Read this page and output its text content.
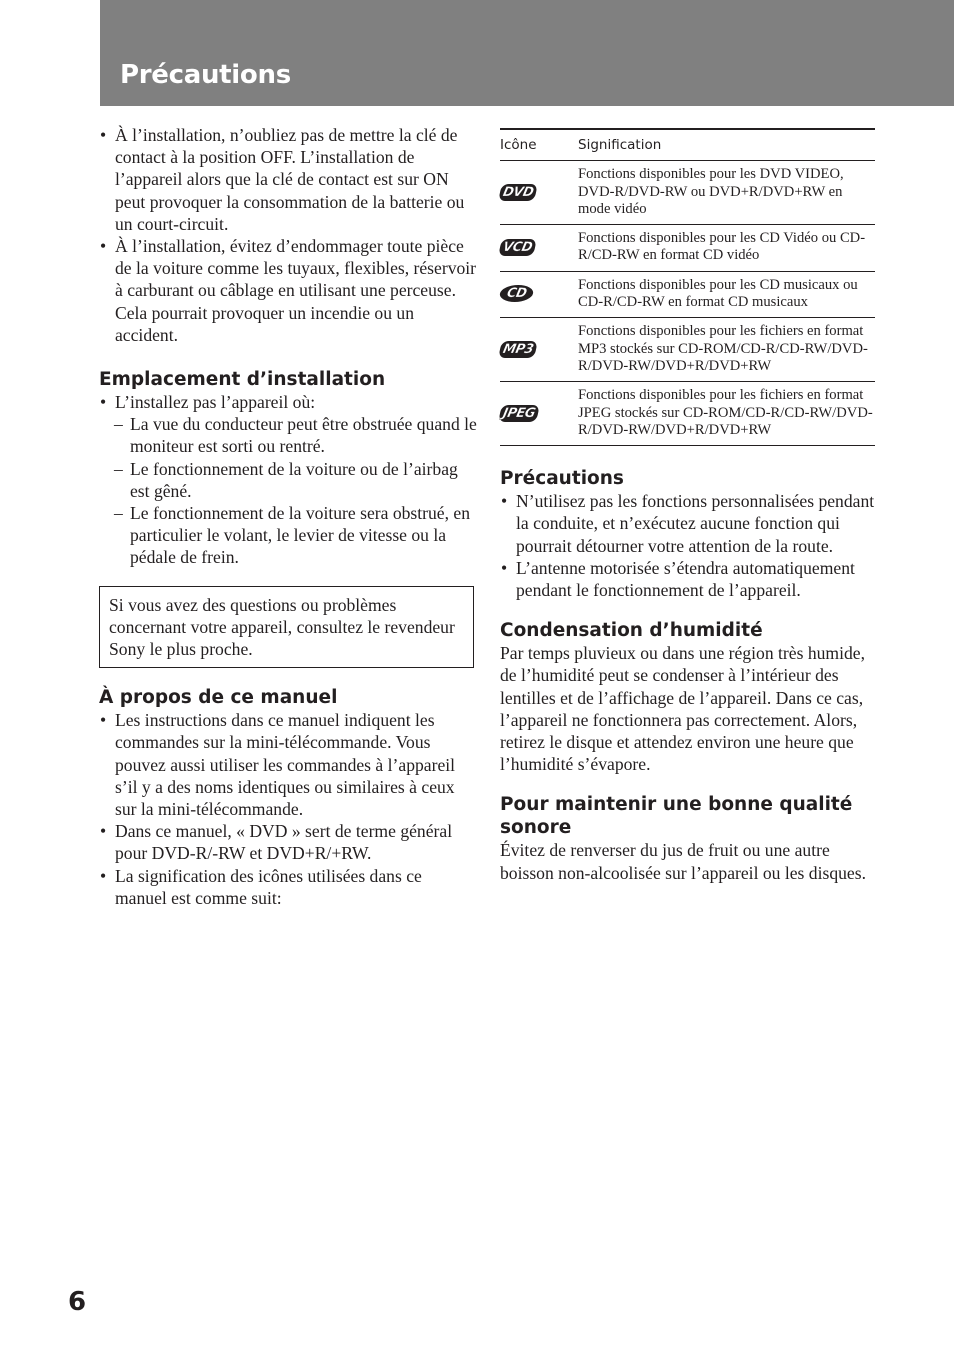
Précautions
• À l’installation, n’oubliez pas de mettre la clé de contact à la position OFF. L’installation de l’appareil alors que la clé de contact est sur ON peut provoquer la consommation de la batterie ou un court-circuit.
• À l’installation, évitez d’endommager toute pièce de la voiture comme les tuyaux, flexibles, réservoir à carburant ou câblage en utilisant une perceuse. Cela pourrait provoquer un incendie ou un accident.
Emplacement d’installation
• L’installez pas l’appareil où:
– La vue du conducteur peut être obstruée quand le moniteur est sorti ou rentré.
– Le fonctionnement de la voiture ou de l’airbag est gêné.
– Le fonctionnement de la voiture sera obstrué, en particulier le volant, le levier de vitesse ou la pédale de frein.

Si vous avez des questions ou problèmes concernant votre appareil, consultez le revendeur Sony le plus proche.

À propos de ce manuel
• Les instructions dans ce manuel indiquent les commandes sur la mini-télécommande. Vous pouvez aussi utiliser les commandes à l’appareil s’il y a des noms identiques ou similaires à ceux sur la mini-télécommande.
• Dans ce manuel, « DVD » sert de terme général pour DVD-R/-RW et DVD+R/+RW.
• La signification des icônes utilisées dans ce manuel est comme suit:
Icône	Signification
DVD	Fonctions disponibles pour les DVD VIDEO, DVD-R/DVD-RW ou DVD+R/DVD+RW en mode vidéo
VCD	Fonctions disponibles pour les CD Vidéo ou CD-R/CD-RW en format CD vidéo
CD	Fonctions disponibles pour les CD musicaux ou CD-R/CD-RW en format CD musicaux
MP3	Fonctions disponibles pour les fichiers en format MP3 stockés sur CD-ROM/CD-R/CD-RW/DVD-R/DVD-RW/DVD+R/DVD+RW
JPEG	Fonctions disponibles pour les fichiers en format JPEG stockés sur CD-ROM/CD-R/CD-RW/DVD-R/DVD-RW/DVD+R/DVD+RW
Précautions
• N’utilisez pas les fonctions personnalisées pendant la conduite, et n’exécutez aucune fonction qui pourrait détourner votre attention de la route.
• L’antenne motorisée s’étendra automatiquement pendant le fonctionnement de l’appareil.
Condensation d’humidité

Par temps pluvieux ou dans une région très humide, de l’humidité peut se condenser à l’intérieur des lentilles et de l’affichage de l’appareil. Dans ce cas, l’appareil ne fonctionnera pas correctement. Alors, retirez le disque et attendez environ une heure que l’humidité s’évapore.

Pour maintenir une bonne qualité sonore

Évitez de renverser du jus de fruit ou une autre boisson non-alcoolisée sur l’appareil ou les disques.

6
